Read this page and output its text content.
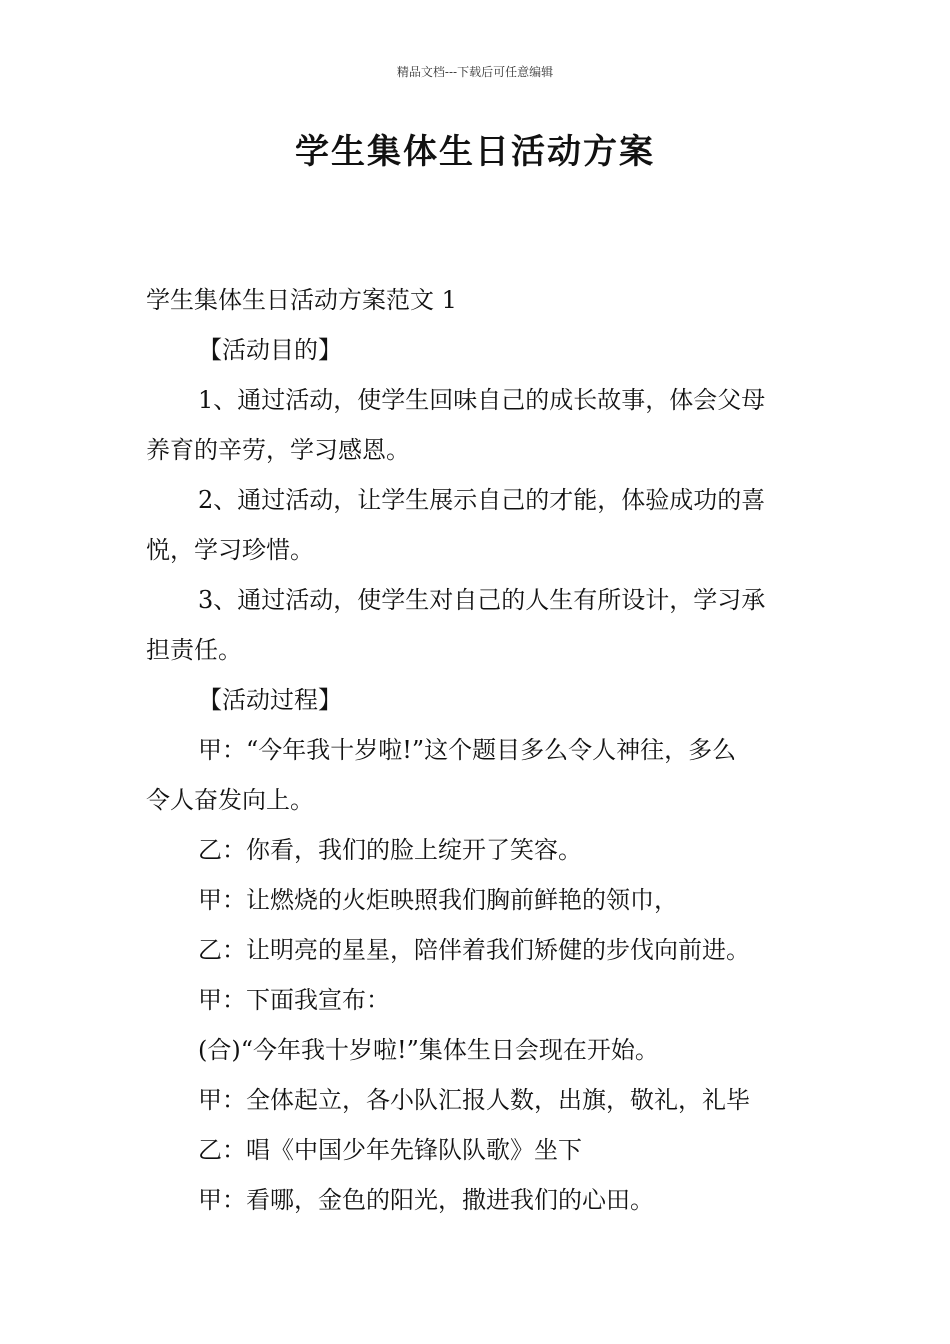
精品文档---下载后可任意编辑
学生集体生日活动方案

学生集体生日活动方案范文 1

【活动目的】

1、通过活动，使学生回味自己的成长故事，体会父母

养育的辛劳，学习感恩。

2、通过活动，让学生展示自己的才能，体验成功的喜

悦，学习珍惜。

3、通过活动，使学生对自己的人生有所设计，学习承

担责任。

【活动过程】

甲：“今年我十岁啦!”这个题目多么令人神往，多么

令人奋发向上。

乙：你看，我们的脸上绽开了笑容。

甲：让燃烧的火炬映照我们胸前鲜艳的领巾，

乙：让明亮的星星，陪伴着我们矫健的步伐向前进。

甲：下面我宣布：

(合)“今年我十岁啦!”集体生日会现在开始。

甲：全体起立，各小队汇报人数，出旗，敬礼，礼毕

乙：唱《中国少年先锋队队歌》坐下

甲：看哪，金色的阳光，撒进我们的心田。
